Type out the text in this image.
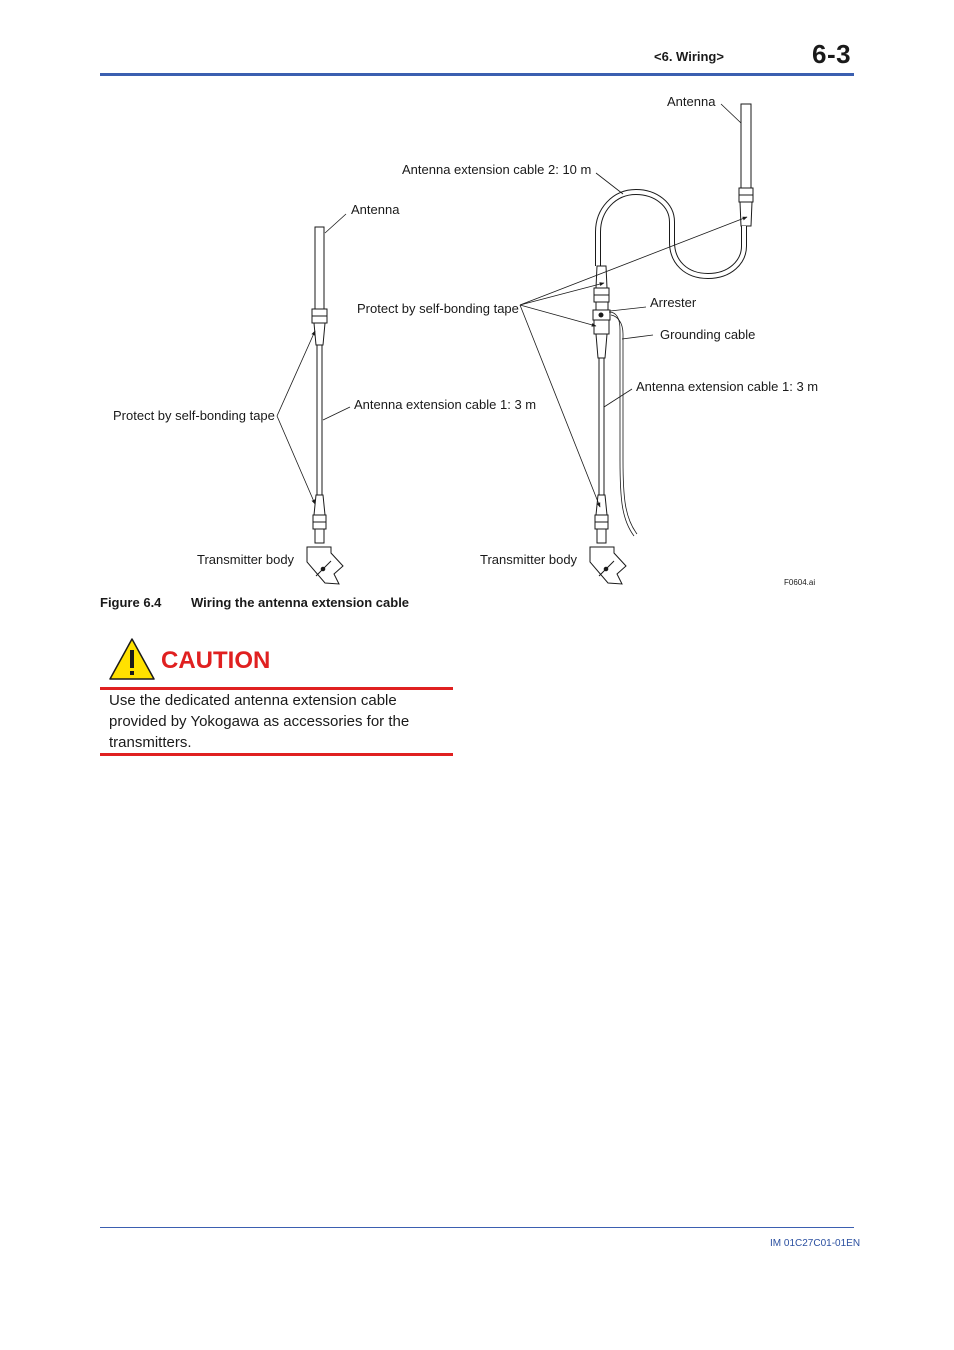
<6. Wiring>	6-3
Antenna
Protect by self-bonding tape
Antenna extension cable 1: 3 m
Transmitter body
Antenna
Antenna extension cable 2: 10 m
Protect by self-bonding tape	Arrester
Grounding cable
Antenna extension cable 1: 3 m
Transmitter body
F0604.ai
Figure 6.4 Wiring the antenna extension cable
CAUTION
Use the dedicated antenna extension cable provided by Yokogawa as accessories for the transmitters.
IM 01C27C01-01EN
